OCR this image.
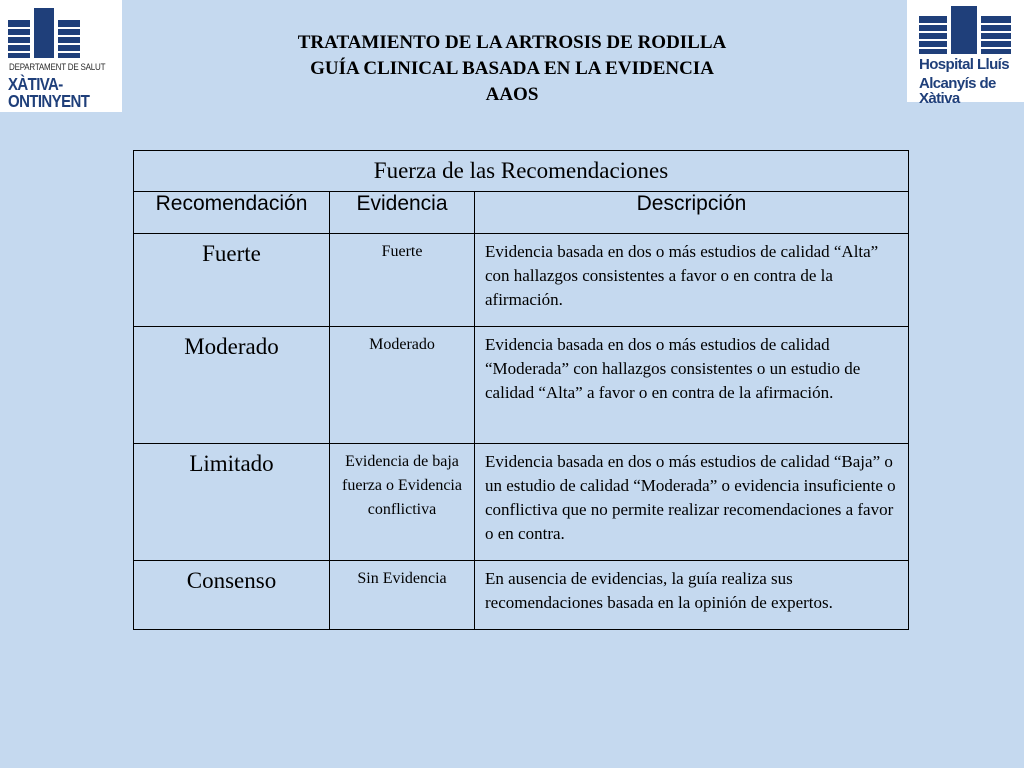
DEPARTAMENT DE SALUT
XÀTIVA-ONTINYENT
Hospital Lluís
Alcanyís de Xàtiva
TRATAMIENTO DE LA ARTROSIS DE RODILLA
GUÍA CLINICAL BASADA EN LA EVIDENCIA
AAOS
Fuerza de las Recomendaciones		
Recomendación	Evidencia	Descripción
Fuerte	Fuerte	Evidencia basada en dos o más estudios de calidad “Alta” con hallazgos consistentes a favor o en contra de la afirmación.
Moderado	Moderado	Evidencia basada en dos o más estudios de calidad “Moderada” con hallazgos consistentes o un estudio de calidad “Alta” a favor o en contra de la afirmación.
Limitado	Evidencia de baja fuerza o Evidencia conflictiva	Evidencia basada en dos o más estudios de calidad “Baja” o un estudio de calidad “Moderada” o evidencia insuficiente o conflictiva que no permite realizar recomendaciones a favor o en contra.
Consenso	Sin Evidencia	En ausencia de evidencias, la guía realiza sus recomendaciones basada en la opinión de expertos.
